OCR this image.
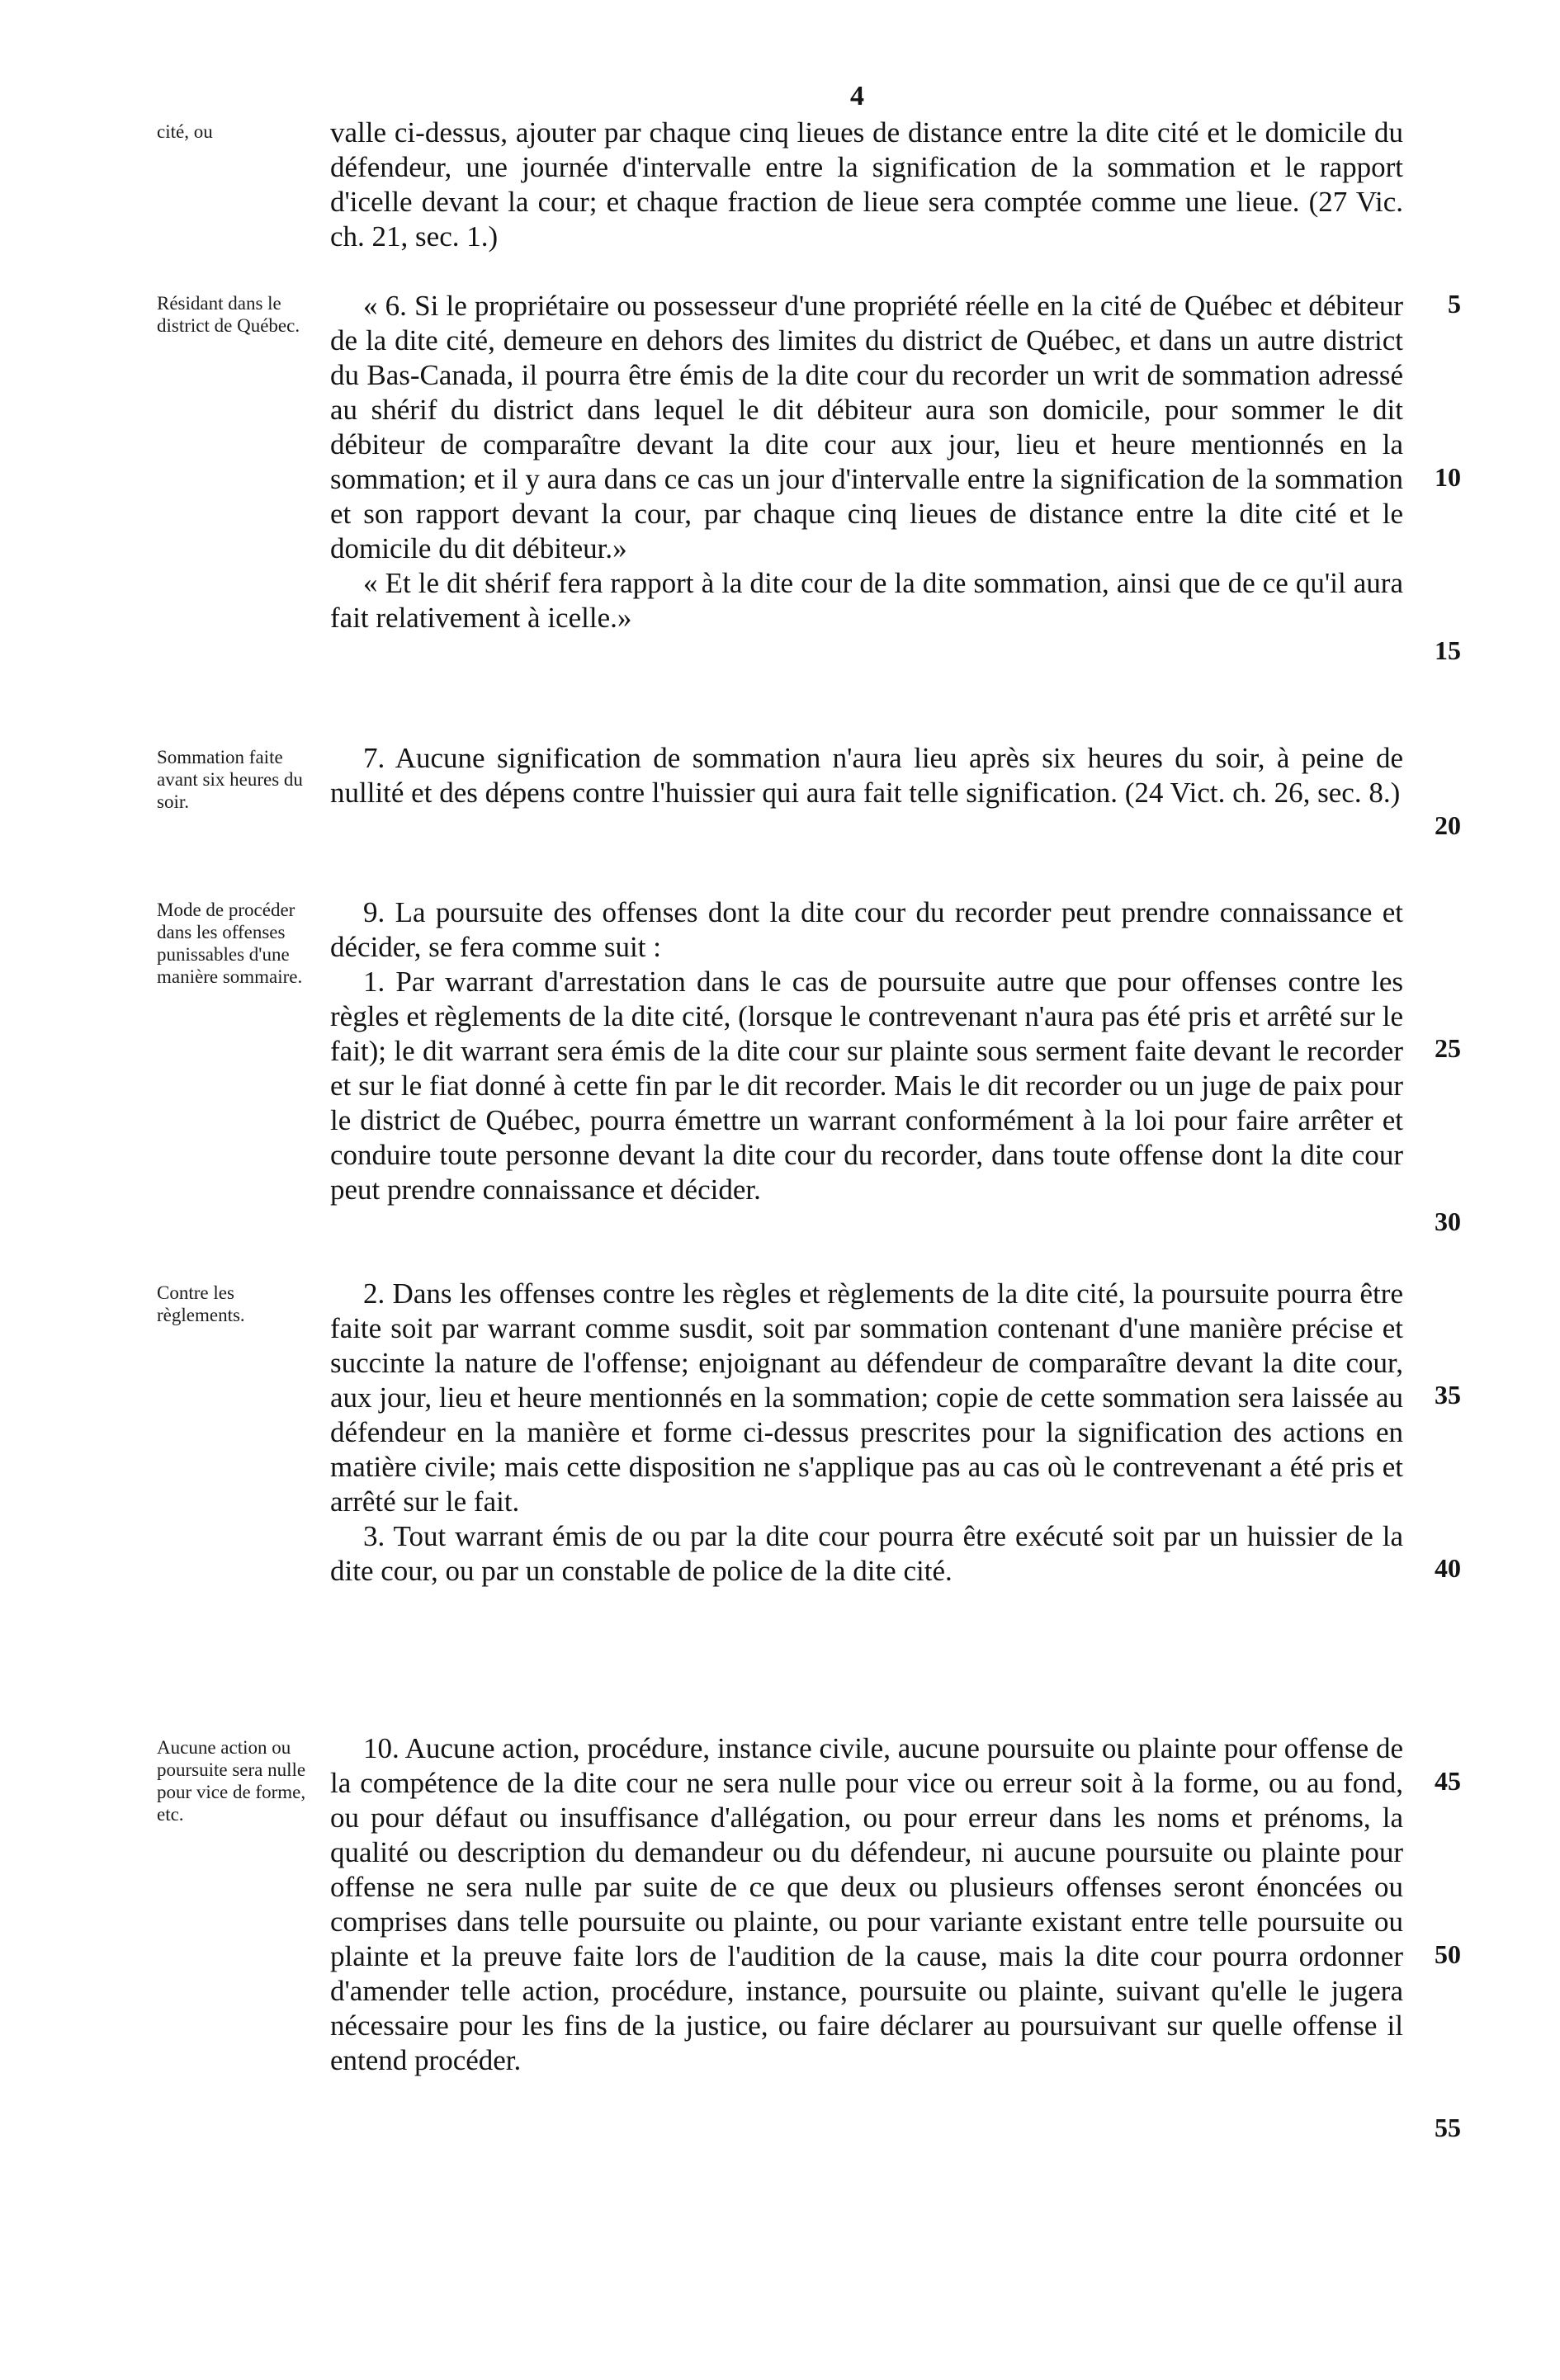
4
cité, ou	valle ci-dessus, ajouter par chaque cinq lieues de distance entre la dite cité et le domicile du défendeur, une journée d'intervalle entre la signification de la sommation et le rapport d'icelle devant la cour; et chaque fraction de lieue sera comptée comme une lieue. (27 Vic. ch. 21, sec. 1.)

Résidant dans le district de Québec.

« 6. Si le propriétaire ou possesseur d'une propriété réelle en la cité de Québec et débiteur de la dite cité, demeure en dehors des limites du district de Québec, et dans un autre district du Bas-Canada, il pourra être émis de la dite cour du recorder un writ de sommation adressé au shérif du district dans lequel le dit débiteur aura son domicile, pour sommer le dit débiteur de comparaître devant la dite cour aux jour, lieu et heure mentionnés en la sommation; et il y aura dans ce cas un jour d'intervalle entre la signification de la sommation et son rapport devant la cour, par chaque cinq lieues de distance entre la dite cité et le domicile du dit débiteur.»

« Et le dit shérif fera rapport à la dite cour de la dite sommation, ainsi que de ce qu'il aura fait relativement à icelle.»

Sommation faite avant six heures du soir.

7. Aucune signification de sommation n'aura lieu après six heures du soir, à peine de nullité et des dépens contre l'huissier qui aura fait telle signification. (24 Vict. ch. 26, sec. 8.)

Mode de procéder dans les offenses punissables d'une manière sommaire.

9. La poursuite des offenses dont la dite cour du recorder peut prendre connaissance et décider, se fera comme suit :

1. Par warrant d'arrestation dans le cas de poursuite autre que pour offenses contre les règles et règlements de la dite cité, (lorsque le contrevenant n'aura pas été pris et arrêté sur le fait); le dit warrant sera émis de la dite cour sur plainte sous serment faite devant le recorder et sur le fiat donné à cette fin par le dit recorder. Mais le dit recorder ou un juge de paix pour le district de Québec, pourra émettre un warrant conformément à la loi pour faire arrêter et conduire toute personne devant la dite cour du recorder, dans toute offense dont la dite cour peut prendre connaissance et décider.

Contre les règlements.

2. Dans les offenses contre les règles et règlements de la dite cité, la poursuite pourra être faite soit par warrant comme susdit, soit par sommation contenant d'une manière précise et succinte la nature de l'offense; enjoignant au défendeur de comparaître devant la dite cour, aux jour, lieu et heure mentionnés en la sommation; copie de cette sommation sera laissée au défendeur en la manière et forme ci-dessus prescrites pour la signification des actions en matière civile; mais cette disposition ne s'applique pas au cas où le contrevenant a été pris et arrêté sur le fait.

3. Tout warrant émis de ou par la dite cour pourra être exécuté soit par un huissier de la dite cour, ou par un constable de police de la dite cité.

Aucune action ou poursuite sera nulle pour vice de forme, etc.

10. Aucune action, procédure, instance civile, aucune poursuite ou plainte pour offense de la compétence de la dite cour ne sera nulle pour vice ou erreur soit à la forme, ou au fond, ou pour défaut ou insuffisance d'allégation, ou pour erreur dans les noms et prénoms, la qualité ou description du demandeur ou du défendeur, ni aucune poursuite ou plainte pour offense ne sera nulle par suite de ce que deux ou plusieurs offenses seront énoncées ou comprises dans telle poursuite ou plainte, ou pour variante existant entre telle poursuite ou plainte et la preuve faite lors de l'audition de la cause, mais la dite cour pourra ordonner d'amender telle action, procédure, instance, poursuite ou plainte, suivant qu'elle le jugera nécessaire pour les fins de la justice, ou faire déclarer au poursuivant sur quelle offense il entend procéder.

5
10
15
20
25
30
35
40
45
50
55
